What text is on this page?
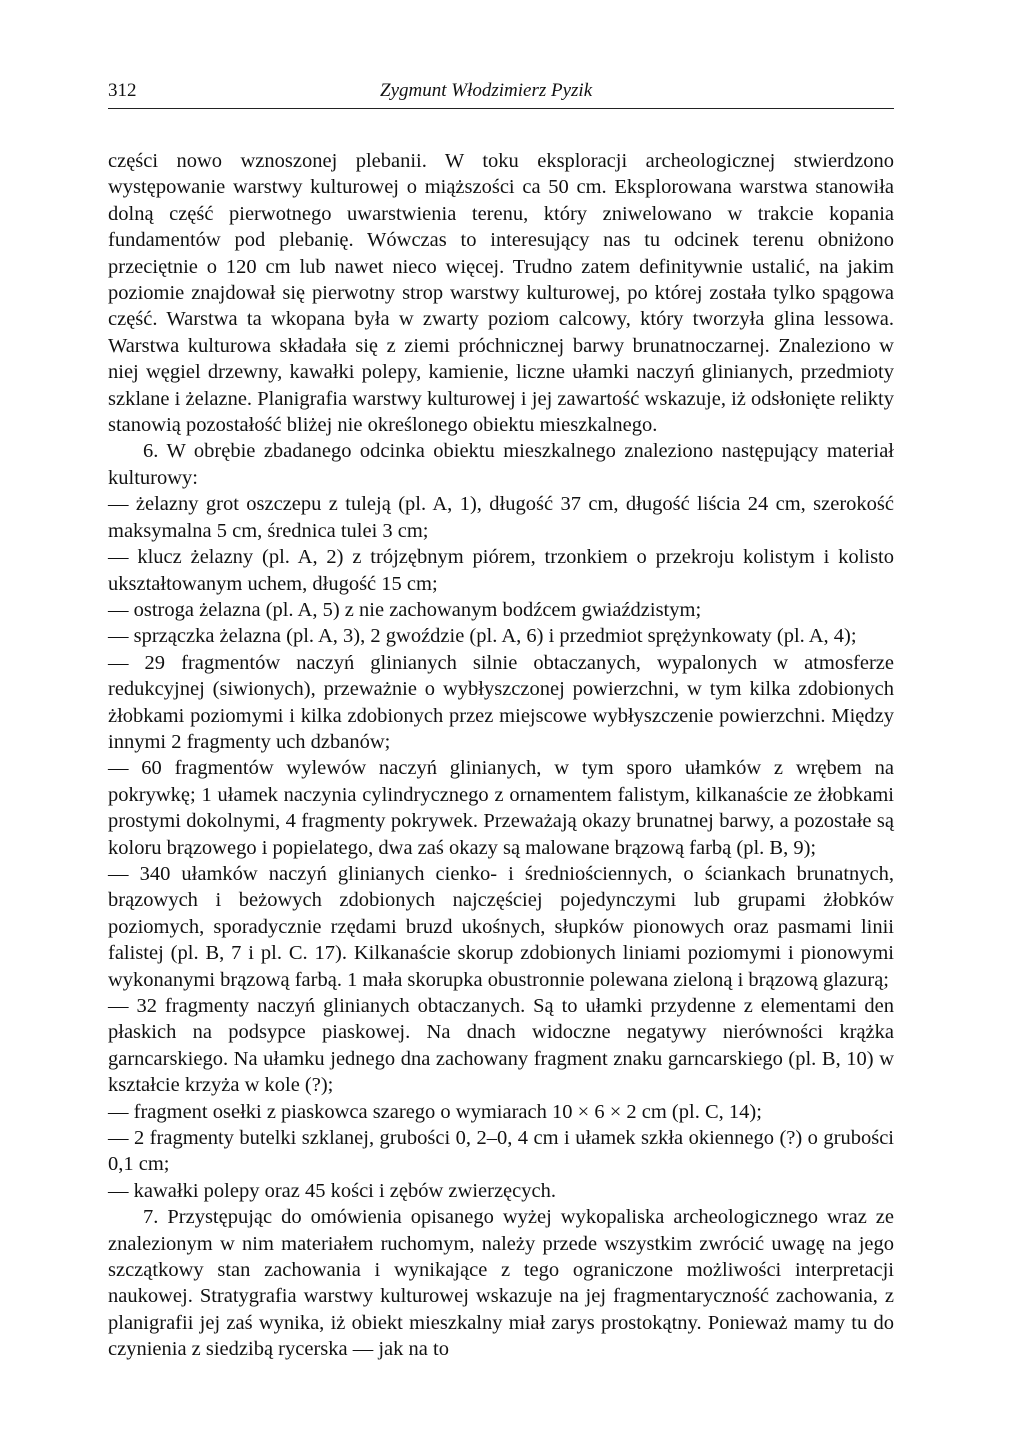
312	Zygmunt Włodzimierz Pyzik

części nowo wznoszonej plebanii. W toku eksploracji archeologicznej stwierdzono występowanie warstwy kulturowej o miąższości ca 50 cm. Eksplorowana warstwa stanowiła dolną część pierwotnego uwarstwienia terenu, który zniwelowano w trakcie kopania fundamentów pod plebanię. Wówczas to interesujący nas tu odcinek terenu obniżono przeciętnie o 120 cm lub nawet nieco więcej. Trudno zatem definitywnie ustalić, na jakim poziomie znajdował się pierwotny strop warstwy kulturowej, po której została tylko spągowa część. Warstwa ta wkopana była w zwarty poziom calcowy, który tworzyła glina lessowa. Warstwa kulturowa składała się z ziemi próchnicznej barwy brunatnoczarnej. Znaleziono w niej węgiel drzewny, kawałki polepy, kamienie, liczne ułamki naczyń glinianych, przedmioty szklane i żelazne. Planigrafia warstwy kulturowej i jej zawartość wskazuje, iż odsłonięte relikty stanowią pozostałość bliżej nie określonego obiektu mieszkalnego.

6. W obrębie zbadanego odcinka obiektu mieszkalnego znaleziono następujący materiał kulturowy:

— żelazny grot oszczepu z tuleją (pl. A, 1), długość 37 cm, długość liścia 24 cm, szerokość maksymalna 5 cm, średnica tulei 3 cm;

— klucz żelazny (pl. A, 2) z trójzębnym piórem, trzonkiem o przekroju kolistym i kolisto ukształtowanym uchem, długość 15 cm;

— ostroga żelazna (pl. A, 5) z nie zachowanym bodźcem gwiaździstym;

— sprzączka żelazna (pl. A, 3), 2 gwoździe (pl. A, 6) i przedmiot sprężynkowaty (pl. A, 4);

— 29 fragmentów naczyń glinianych silnie obtaczanych, wypalonych w atmosferze redukcyjnej (siwionych), przeważnie o wybłyszczonej powierzchni, w tym kilka zdobionych żłobkami poziomymi i kilka zdobionych przez miejscowe wybłyszczenie powierzchni. Między innymi 2 fragmenty uch dzbanów;

— 60 fragmentów wylewów naczyń glinianych, w tym sporo ułamków z wrębem na pokrywkę; 1 ułamek naczynia cylindrycznego z ornamentem falistym, kilkanaście ze żłobkami prostymi dokolnymi, 4 fragmenty pokrywek. Przeważają okazy brunatnej barwy, a pozostałe są koloru brązowego i popielatego, dwa zaś okazy są malowane brązową farbą (pl. B, 9);

— 340 ułamków naczyń glinianych cienko- i średniościennych, o ściankach brunatnych, brązowych i beżowych zdobionych najczęściej pojedynczymi lub grupami żłobków poziomych, sporadycznie rzędami bruzd ukośnych, słupków pionowych oraz pasmami linii falistej (pl. B, 7 i pl. C. 17). Kilkanaście skorup zdobionych liniami poziomymi i pionowymi wykonanymi brązową farbą. 1 mała skorupka obustronnie polewana zieloną i brązową glazurą;

— 32 fragmenty naczyń glinianych obtaczanych. Są to ułamki przydenne z elementami den płaskich na podsypce piaskowej. Na dnach widoczne negatywy nierówności krążka garncarskiego. Na ułamku jednego dna zachowany fragment znaku garncarskiego (pl. B, 10) w kształcie krzyża w kole (?);

— fragment osełki z piaskowca szarego o wymiarach 10 × 6 × 2 cm (pl. C, 14);

— 2 fragmenty butelki szklanej, grubości 0, 2–0, 4 cm i ułamek szkła okiennego (?) o grubości 0,1 cm;

— kawałki polepy oraz 45 kości i zębów zwierzęcych.

7. Przystępując do omówienia opisanego wyżej wykopaliska archeologicznego wraz ze znalezionym w nim materiałem ruchomym, należy przede wszystkim zwrócić uwagę na jego szczątkowy stan zachowania i wynikające z tego ograniczone możliwości interpretacji naukowej. Stratygrafia warstwy kulturowej wskazuje na jej fragmentaryczność zachowania, z planigrafii jej zaś wynika, iż obiekt mieszkalny miał zarys prostokątny. Ponieważ mamy tu do czynienia z siedzibą rycerska — jak na to
